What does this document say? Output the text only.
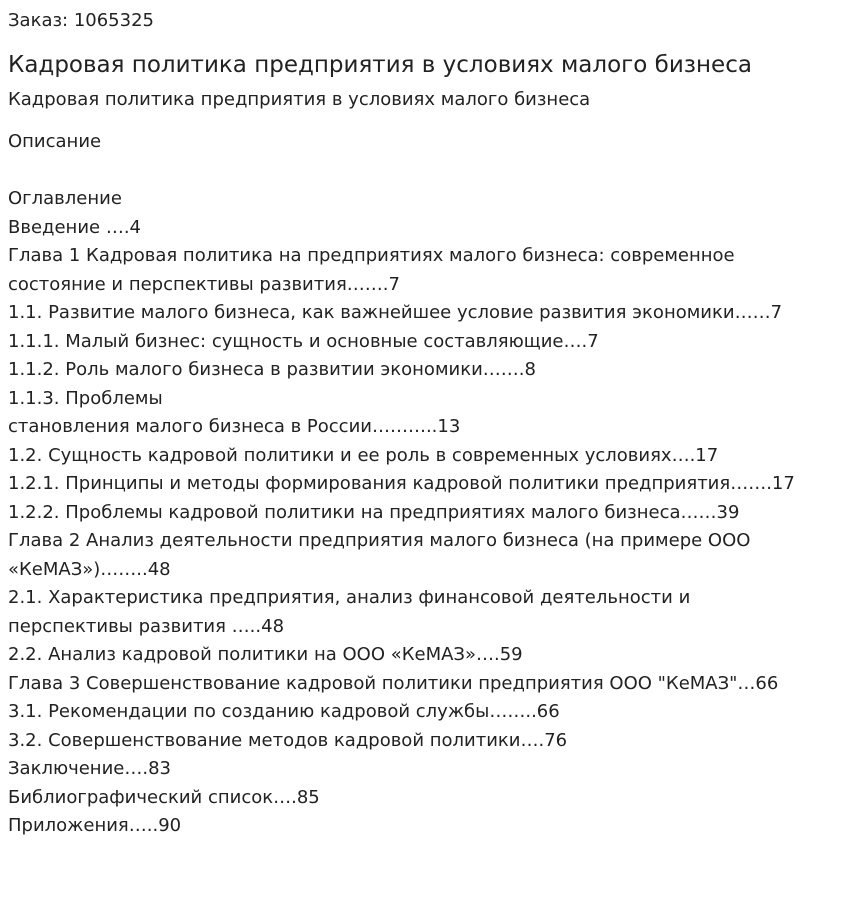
Заказ: 1065325

Кадровая политика предприятия в условиях малого бизнеса

Кадровая политика предприятия в условиях малого бизнеса

Описание

Оглавление
Введение ….4
Глава 1 Кадровая политика на предприятиях малого бизнеса: современное
состояние и перспективы развития…….7
1.1. Развитие малого бизнеса, как важнейшее условие развития экономики……7
1.1.1. Малый бизнес: сущность и основные составляющие….7
1.1.2. Роль малого бизнеса в развитии экономики…….8
1.1.3. Проблемы
становления малого бизнеса в России………..13
1.2. Сущность кадровой политики и ее роль в современных условиях….17
1.2.1. Принципы и методы формирования кадровой политики предприятия…….17
1.2.2. Проблемы кадровой политики на предприятиях малого бизнеса……39
Глава 2 Анализ деятельности предприятия малого бизнеса (на примере ООО
«КеМАЗ»)……..48
2.1. Характеристика предприятия, анализ финансовой деятельности и
перспективы развития …..48
2.2. Анализ кадровой политики на ООО «КеМАЗ»….59
Глава 3 Совершенствование кадровой политики предприятия ООО "КеМАЗ"…66
3.1. Рекомендации по созданию кадровой службы……..66
3.2. Совершенствование методов кадровой политики….76
Заключение….83
Библиографический список….85
Приложения…..90
